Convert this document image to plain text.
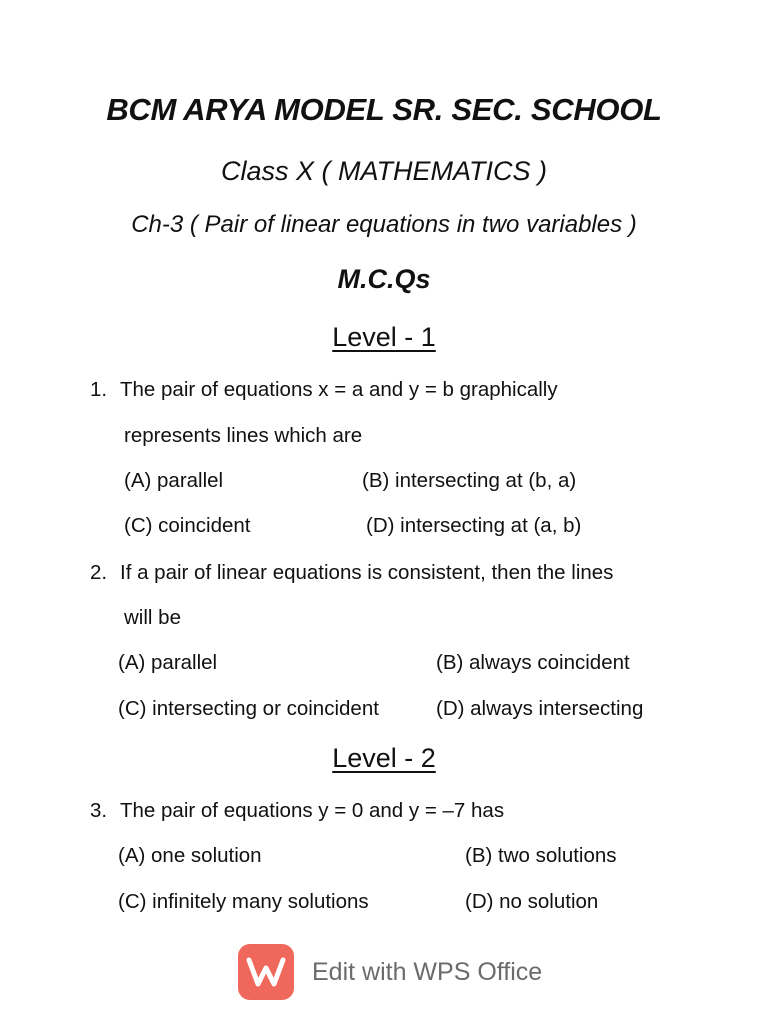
BCM ARYA MODEL SR. SEC. SCHOOL
Class X ( MATHEMATICS )
Ch-3 ( Pair of linear equations in two variables )
M.C.Qs
Level - 1
1. The pair of equations x = a and y = b graphically
represents lines which are
(A) parallel	(B) intersecting at (b, a)
(C) coincident	(D) intersecting at (a, b)
2. If a pair of linear equations is consistent, then the lines
will be
(A) parallel	(B) always coincident
(C) intersecting or coincident	(D) always intersecting
Level - 2
3. The pair of equations y = 0 and y = –7 has
(A) one solution	(B) two solutions
(C) infinitely many solutions	(D) no solution
Edit with WPS Office
